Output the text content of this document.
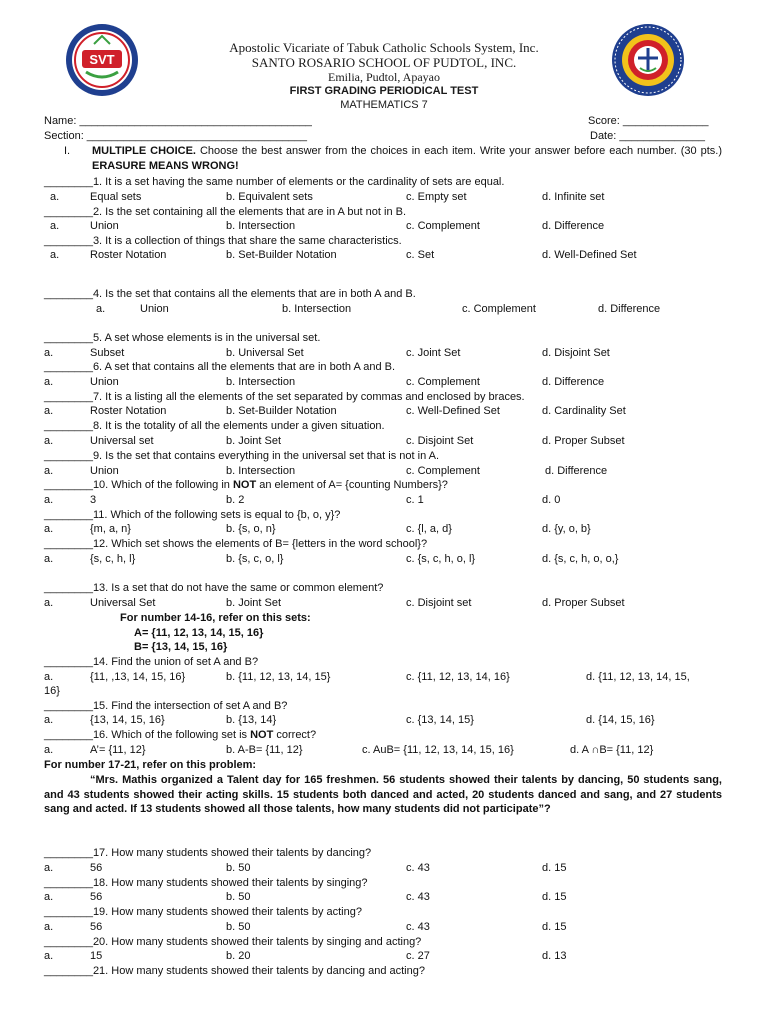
SVT
Apostolic Vicariate of Tabuk Catholic Schools System, Inc.
SANTO ROSARIO SCHOOL OF PUDTOL, INC.
Emilia, Pudtol, Apayao
FIRST GRADING PERIODICAL TEST
MATHEMATICS 7
Name: ______________________________________	Score: ______________
Section: ____________________________________	Date: ______________
I. MULTIPLE CHOICE. Choose the best answer from the choices in each item. Write your answer before each number. (30 pts.) ERASURE MEANS WRONG!
________1. It is a set having the same number of elements or the cardinality of sets are equal.
a.	Equal sets	b. Equivalent sets	c. Empty set	d. Infinite set
________2. Is the set containing all the elements that are in A but not in B.
a.	Union	b. Intersection	c. Complement	d. Difference
________3. It is a collection of things that share the same characteristics.
a.	Roster Notation	b. Set-Builder Notation	c. Set	d. Well-Defined Set
________4. Is the set that contains all the elements that are in both A and B.
a.	Union	b. Intersection	c. Complement	d. Difference
________5. A set whose elements is in the universal set.
a.	Subset	b. Universal Set	c. Joint Set	d. Disjoint Set
________6. A set that contains all the elements that are in both A and B.
a.	Union	b. Intersection	c. Complement	d. Difference
________7. It is a listing all the elements of the set separated by commas and enclosed by braces.
a.	Roster Notation	b. Set-Builder Notation	c. Well-Defined Set	d. Cardinality Set
________8. It is the totality of all the elements under a given situation.
a.	Universal set	b. Joint Set	c. Disjoint Set	d. Proper Subset
________9. Is the set that contains everything in the universal set that is not in A.
a.	Union	b. Intersection	c. Complement	d. Difference
________10. Which of the following in NOT an element of A= {counting Numbers}?
a.	3	b. 2	c. 1	d. 0
________11. Which of the following sets is equal to {b, o, y}?
a.	{m, a, n}	b. {s, o, n}	c. {l, a, d}	d. {y, o, b}
________12. Which set shows the elements of B= {letters in the word school}?
a.	{s, c, h, l}	b. {s, c, o, l}	c. {s, c, h, o, l}	d. {s, c, h, o, o,}
________13. Is a set that do not have the same or common element?
a.	Universal Set	b. Joint Set	c. Disjoint set	d. Proper Subset
For number 14-16, refer on this sets:
A= {11, 12, 13, 14, 15, 16}
B= {13, 14, 15, 16}
________14. Find the union of set A and B?
a.	{11, ,13, 14, 15, 16}	b. {11, 12, 13, 14, 15}	c. {11, 12, 13, 14, 16}	d. {11, 12, 13, 14, 15,
16}
________15. Find the intersection of set A and B?
a.	{13, 14, 15, 16}	b. {13, 14}	c. {13, 14, 15}	d. {14, 15, 16}
________16. Which of the following set is NOT correct?
a.	A’= {11, 12}	b. A-B= {11, 12}	c. AuB= {11, 12, 13, 14, 15, 16}	d. A ∩B= {11, 12}
For number 17-21, refer on this problem:
“Mrs. Mathis organized a Talent day for 165 freshmen. 56 students showed their talents by dancing, 50 students sang, and 43 students showed their acting skills. 15 students both danced and acted, 20 students danced and sang, and 27 students sang and acted. If 13 students showed all those talents, how many students did not participate”?
________17. How many students showed their talents by dancing?
a.	56	b. 50	c. 43	d. 15
________18. How many students showed their talents by singing?
a.	56	b. 50	c. 43	d. 15
________19. How many students showed their talents by acting?
a.	56	b. 50	c. 43	d. 15
________20. How many students showed their talents by singing and acting?
a.	15	b. 20	c. 27	d. 13
________21. How many students showed their talents by dancing and acting?
